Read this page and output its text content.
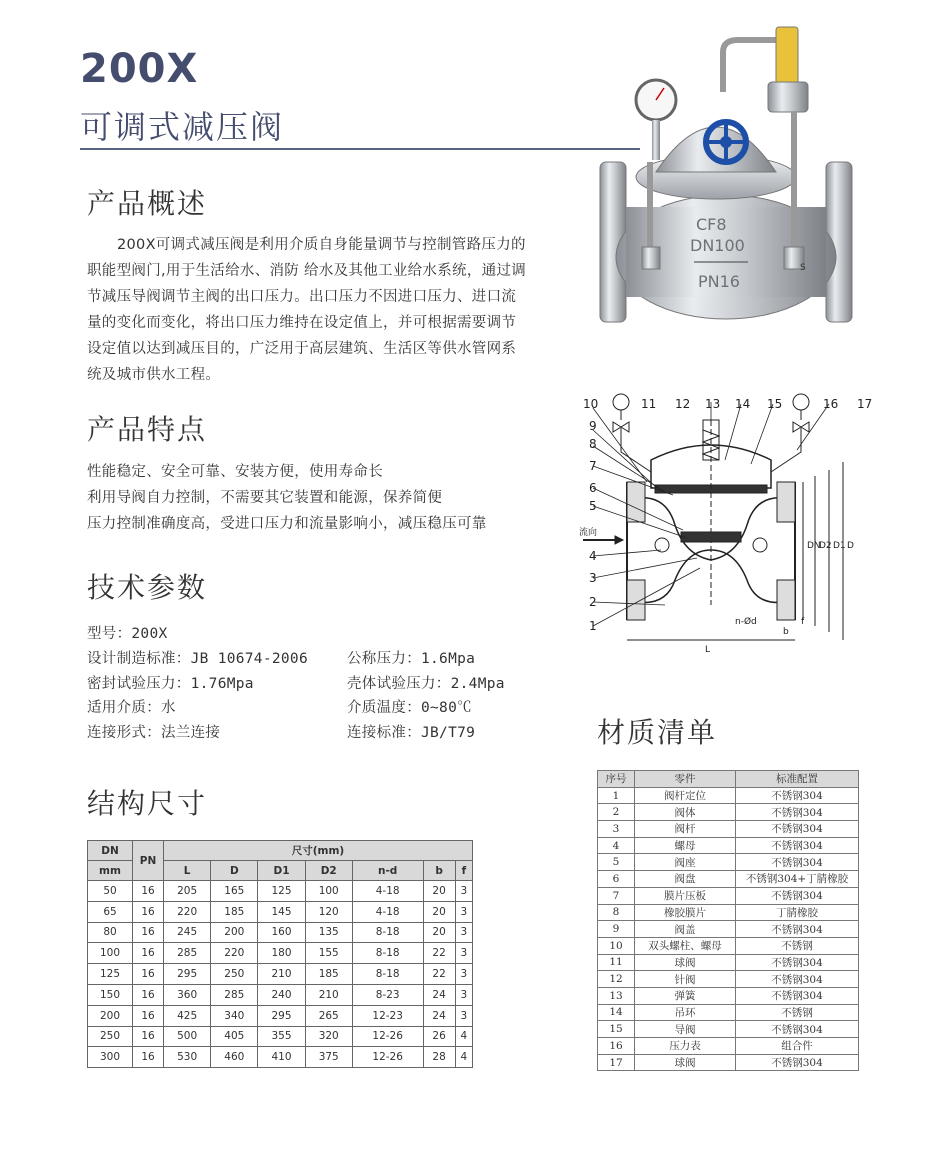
200X
可调式减压阀
S
CF8
DN100
PN16
产品概述
200X可调式减压阀是利用介质自身能量调节与控制管路压力的
职能型阀门,用于生活给水、消防 给水及其他工业给水系统，通过调
节减压导阀调节主阀的出口压力。出口压力不因进口压力、进口流
量的变化而变化，将出口压力维持在设定值上，并可根据需要调节
设定值以达到减压目的，广泛用于高层建筑、生活区等供水管网系
统及城市供水工程。
产品特点
性能稳定、安全可靠、安装方便，使用寿命长
利用导阀自力控制，不需要其它装置和能源，保养简便
压力控制准确度高，受进口压力和流量影响小，减压稳压可靠
技术参数
型号：200X
设计制造标准：JB 10674-2006	公称压力：1.6Mpa
密封试验压力：1.76Mpa	壳体试验压力：2.4Mpa
适用介质：水	介质温度：0~80℃
连接形式：法兰连接	连接标准：JB/T79
10	11 12 13 14 15	16 17
9
8
7
6
5
4
3
2
1
流向
DN
D2 D1 D
L
f
b
n-Ød
材质清单
结构尺寸
DN	PN	尺寸(mm)						
mm		L	D	D1	D2	n-d	b	f
50	16	205	165	125	100	4-18	20	3
65	16	220	185	145	120	4-18	20	3
80	16	245	200	160	135	8-18	20	3
100	16	285	220	180	155	8-18	22	3
125	16	295	250	210	185	8-18	22	3
150	16	360	285	240	210	8-23	24	3
200	16	425	340	295	265	12-23	24	3
250	16	500	405	355	320	12-26	26	4
300	16	530	460	410	375	12-26	28	4
序号	零件	标准配置
1	阀杆定位	不锈钢304
2	阀体	不锈钢304
3	阀杆	不锈钢304
4	螺母	不锈钢304
5	阀座	不锈钢304
6	阀盘	不锈钢304+丁腈橡胶
7	膜片压板	不锈钢304
8	橡胶膜片	丁腈橡胶
9	阀盖	不锈钢304
10	双头螺柱、螺母	不锈钢
11	球阀	不锈钢304
12	针阀	不锈钢304
13	弹簧	不锈钢304
14	吊环	不锈钢
15	导阀	不锈钢304
16	压力表	组合件
17	球阀	不锈钢304
